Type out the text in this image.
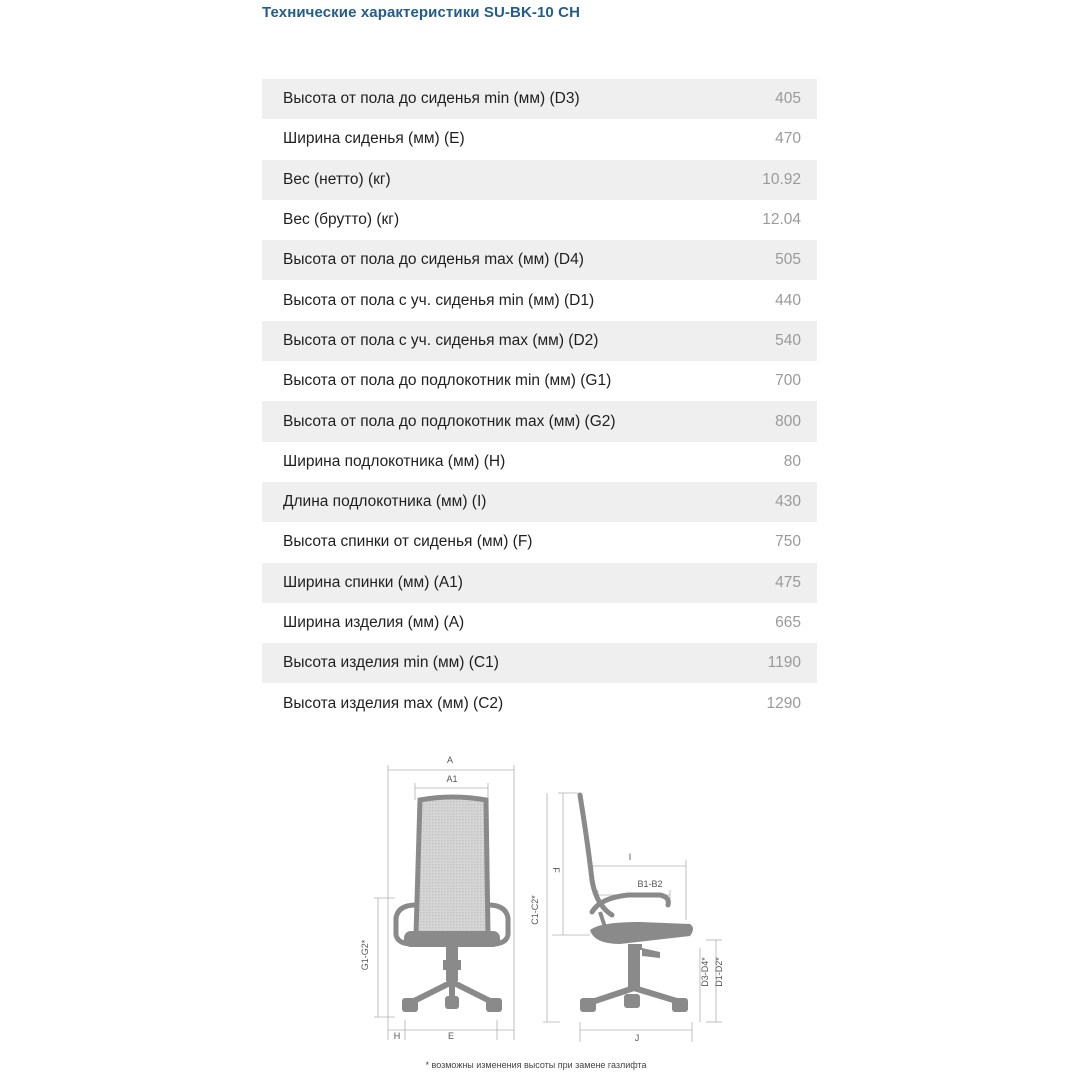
Технические характеристики SU-BK-10 CH
Высота от пола до сиденья min (мм) (D3)	405
Ширина сиденья (мм) (E)	470
Вес (нетто) (кг)	10.92
Вес (брутто) (кг)	12.04
Высота от пола до сиденья max (мм) (D4)	505
Высота от пола с уч. сиденья min (мм) (D1)	440
Высота от пола с уч. сиденья max (мм) (D2)	540
Высота от пола до подлокотник min (мм) (G1)	700
Высота от пола до подлокотник max (мм) (G2)	800
Ширина подлокотника (мм) (H)	80
Длина подлокотника (мм) (I)	430
Высота спинки от сиденья (мм) (F)	750
Ширина спинки (мм) (A1)	475
Ширина изделия (мм) (A)	665
Высота изделия min (мм) (C1)	1190
Высота изделия max (мм) (C2)	1290
A
A1
G1-G2*
H	E
F
C1-C2*
I
B1-B2
D3-D4* D1-D2*
J
* возможны изменения высоты при замене газлифта
